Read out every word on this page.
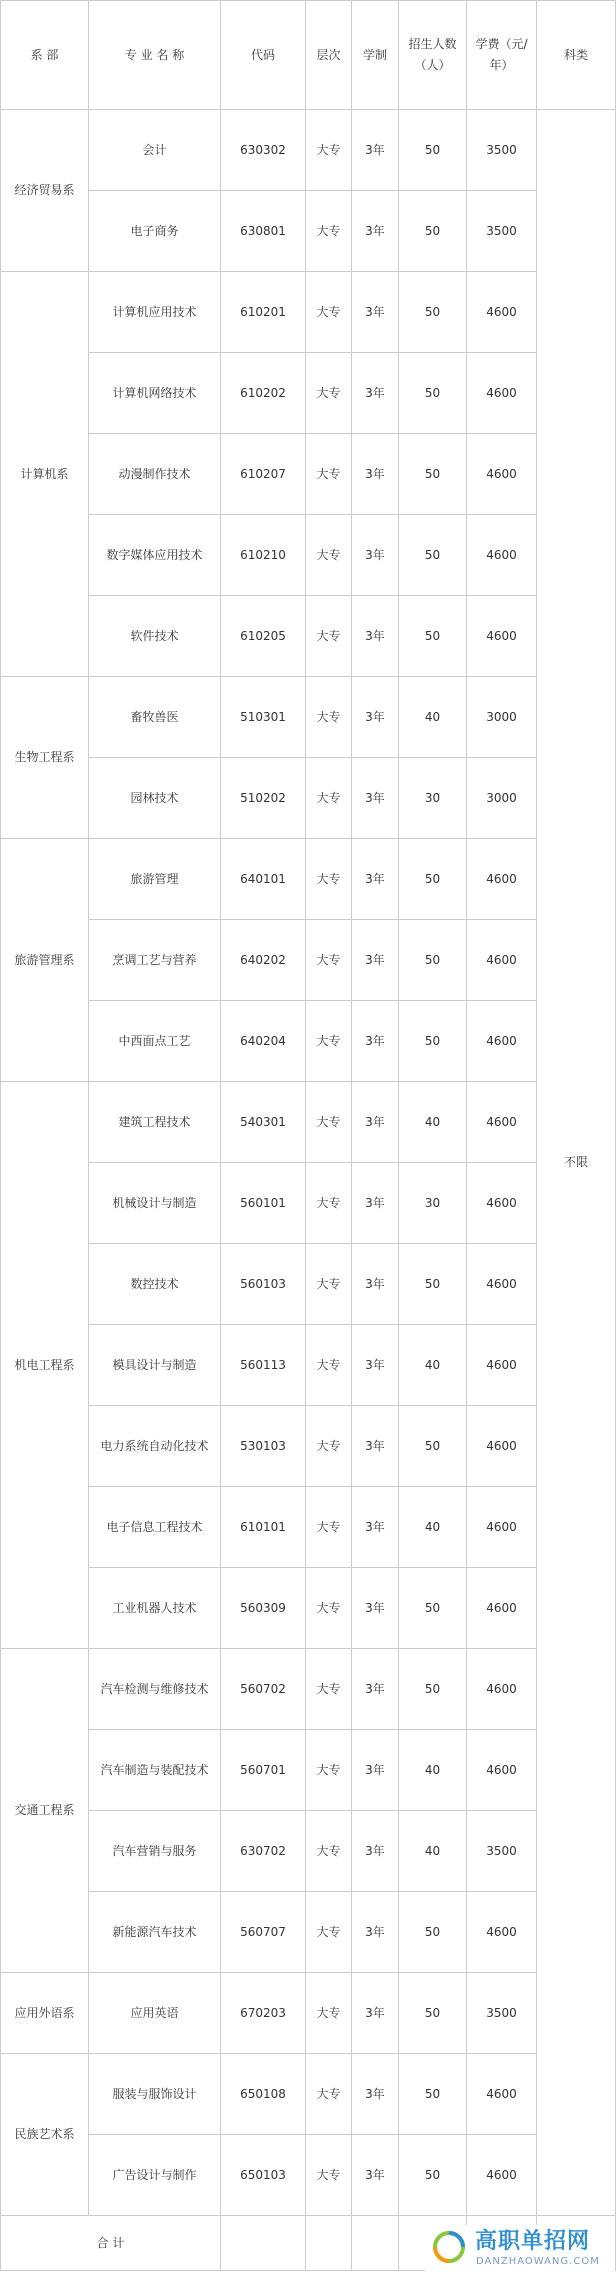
系 部	专 业 名 称	代码	层次	学制	招生人数（人）	学费（元/年）	科类
经济贸易系	会计	630302	大专	3年	50	3500	不限
	电子商务	630801	大专	3年	50	3500	
计算机系	计算机应用技术	610201	大专	3年	50	4600	
	计算机网络技术	610202	大专	3年	50	4600	
	动漫制作技术	610207	大专	3年	50	4600	
	数字媒体应用技术	610210	大专	3年	50	4600	
	软件技术	610205	大专	3年	50	4600	
生物工程系	畜牧兽医	510301	大专	3年	40	3000	
	园林技术	510202	大专	3年	30	3000	
旅游管理系	旅游管理	640101	大专	3年	50	4600	
	烹调工艺与营养	640202	大专	3年	50	4600	
	中西面点工艺	640204	大专	3年	50	4600	
机电工程系	建筑工程技术	540301	大专	3年	40	4600	
	机械设计与制造	560101	大专	3年	30	4600	
	数控技术	560103	大专	3年	50	4600	
	模具设计与制造	560113	大专	3年	40	4600	
	电力系统自动化技术	530103	大专	3年	50	4600	
	电子信息工程技术	610101	大专	3年	40	4600	
	工业机器人技术	560309	大专	3年	50	4600	
交通工程系	汽车检测与维修技术	560702	大专	3年	50	4600	
	汽车制造与装配技术	560701	大专	3年	40	4600	
	汽车营销与服务	630702	大专	3年	40	3500	
	新能源汽车技术	560707	大专	3年	50	4600	
应用外语系	应用英语	670203	大专	3年	50	3500	
民族艺术系	服装与服饰设计	650108	大专	3年	50	4600	
	广告设计与制作	650103	大专	3年	50	4600	
合 计								高职单招网
DANZHAOWANG.COM
